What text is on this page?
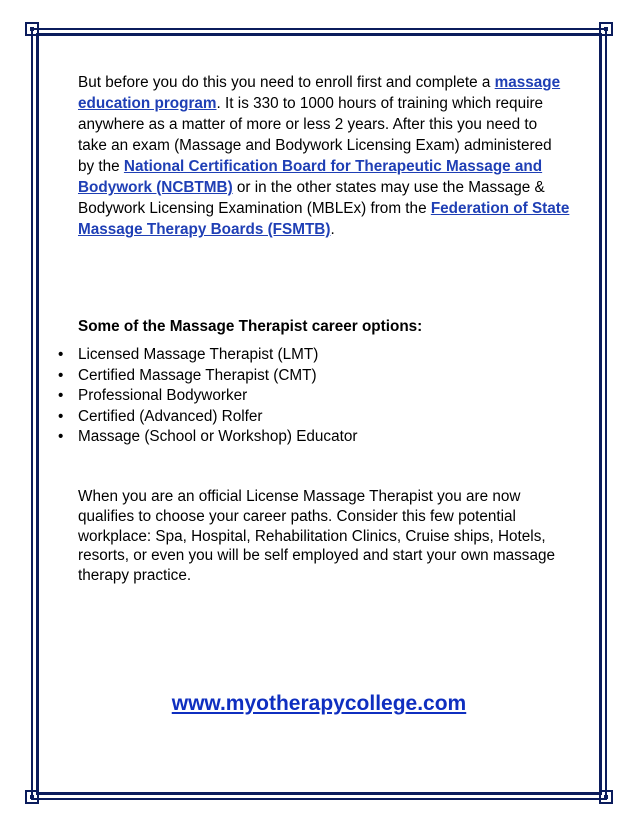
But before you do this you need to enroll first and complete a massage education program. It is 330 to 1000 hours of training which require anywhere as a matter of more or less 2 years. After this you need to take an exam (Massage and Bodywork Licensing Exam) administered by the National Certification Board for Therapeutic Massage and Bodywork (NCBTMB) or in the other states may use the Massage & Bodywork Licensing Examination (MBLEx) from the Federation of State Massage Therapy Boards (FSMTB).

Some of the Massage Therapist career options:
• Licensed Massage Therapist (LMT)
• Certified Massage Therapist (CMT)
• Professional Bodyworker
• Certified (Advanced) Rolfer
• Massage (School or Workshop) Educator

When you are an official License Massage Therapist you are now qualifies to choose your career paths. Consider this few potential workplace: Spa, Hospital, Rehabilitation Clinics, Cruise ships, Hotels, resorts, or even you will be self employed and start your own massage therapy practice.

www.myotherapycollege.com
